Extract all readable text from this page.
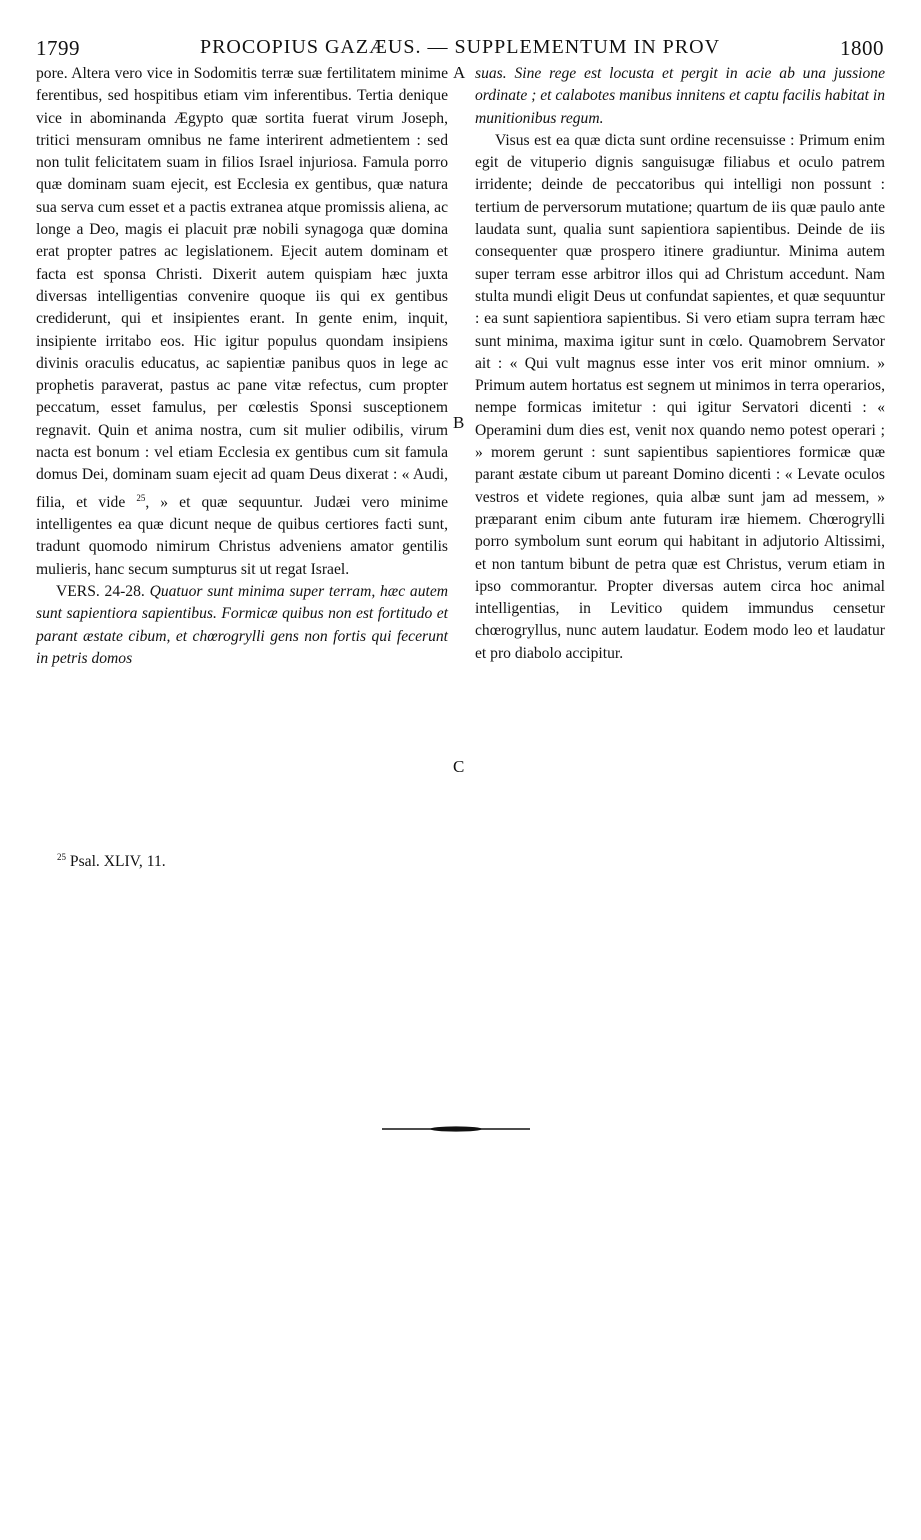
1799	PROCOPIUS GAZÆUS. — SUPPLEMENTUM IN PROV	1800

pore. Altera vero vice in Sodomitis terræ suæ fertilitatem minime ferentibus, sed hospitibus etiam vim inferentibus. Tertia denique vice in abominanda Ægypto quæ sortita fuerat virum Joseph, tritici mensuram omnibus ne fame interirent admetientem : sed non tulit felicitatem suam in filios Israel injuriosa. Famula porro quæ dominam suam ejecit, est Ecclesia ex gentibus, quæ natura sua serva cum esset et a pactis extranea atque promissis aliena, ac longe a Deo, magis ei placuit præ nobili synagoga quæ domina erat propter patres ac legislationem. Ejecit autem dominam et facta est sponsa Christi. Dixerit autem quispiam hæc juxta diversas intelligentias convenire quoque iis qui ex gentibus crediderunt, qui et insipientes erant. In gente enim, inquit, insipiente irritabo eos. Hic igitur populus quondam insipiens divinis oraculis educatus, ac sapientiæ panibus quos in lege ac prophetis paraverat, pastus ac pane vitæ refectus, cum propter peccatum, esset famulus, per cœlestis Sponsi susceptionem regnavit. Quin et anima nostra, cum sit mulier odibilis, virum nacta est bonum : vel etiam Ecclesia ex gentibus cum sit famula domus Dei, dominam suam ejecit ad quam Deus dixerat : « Audi, filia, et vide $^{25}$, » et quæ sequuntur. Judæi vero minime intelligentes ea quæ dicunt neque de quibus certiores facti sunt, tradunt quomodo nimirum Christus adveniens amator gentilis mulieris, hanc secum sumpturus sit ut regat Israel.

VERS. 24-28. Quatuor sunt minima super terram, hæc autem sunt sapientiora sapientibus. Formicæ quibus non est fortitudo et parant æstate cibum, et chœrogrylli gens non fortis qui fecerunt in petris domos

A
B
C

suas. Sine rege est locusta et pergit in acie ab una jussione ordinate ; et calabotes manibus innitens et captu facilis habitat in munitionibus regum.

Visus est ea quæ dicta sunt ordine recensuisse : Primum enim egit de vituperio dignis sanguisugæ filiabus et oculo patrem irridente; deinde de peccatoribus qui intelligi non possunt : tertium de perversorum mutatione; quartum de iis quæ paulo ante laudata sunt, qualia sunt sapientiora sapientibus. Deinde de iis consequenter quæ prospero itinere gradiuntur. Minima autem super terram esse arbitror illos qui ad Christum accedunt. Nam stulta mundi eligit Deus ut confundat sapientes, et quæ sequuntur : ea sunt sapientiora sapientibus. Si vero etiam supra terram hæc sunt minima, maxima igitur sunt in cœlo. Quamobrem Servator ait : « Qui vult magnus esse inter vos erit minor omnium. » Primum autem hortatus est segnem ut minimos in terra operarios, nempe formicas imitetur : qui igitur Servatori dicenti : « Operamini dum dies est, venit nox quando nemo potest operari ; » morem gerunt : sunt sapientibus sapientiores formicæ quæ parant æstate cibum ut pareant Domino dicenti : « Levate oculos vestros et videte regiones, quia albæ sunt jam ad messem, » præparant enim cibum ante futuram iræ hiemem. Chœrogrylli porro symbolum sunt eorum qui habitant in adjutorio Altissimi, et non tantum bibunt de petra quæ est Christus, verum etiam in ipso commorantur. Propter diversas autem circa hoc animal intelligentias, in Levitico quidem immundus censetur chœrogryllus, nunc autem laudatur. Eodem modo leo et laudatur et pro diabolo accipitur.

$^{25}$ Psal. XLIV, 11.
